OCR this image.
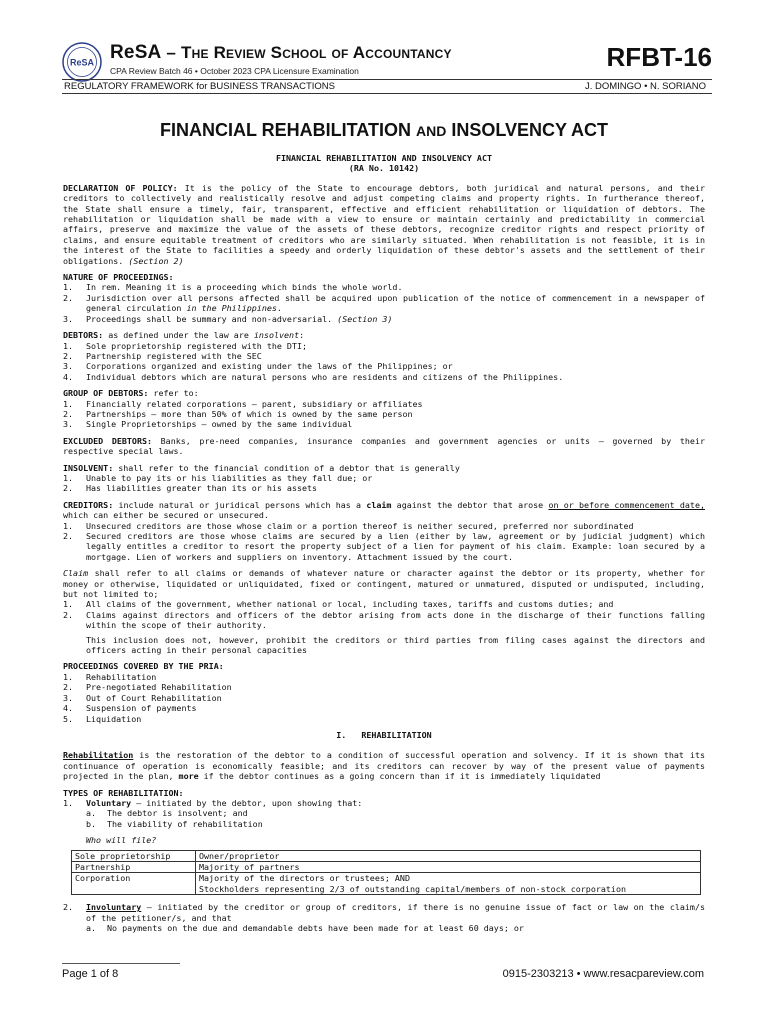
ReSA ReSA – The Review School of Accountancy
CPA Review Batch 46 • October 2023 CPA Licensure Examination	RFBT-16
REGULATORY FRAMEWORK for BUSINESS TRANSACTIONS	J. DOMINGO • N. SORIANO
FINANCIAL REHABILITATION AND INSOLVENCY ACT
FINANCIAL REHABILITATION AND INSOLVENCY ACT
(RA No. 10142)

DECLARATION OF POLICY: It is the policy of the State to encourage debtors, both juridical and natural persons, and their creditors to collectively and realistically resolve and adjust competing claims and property rights. In furtherance thereof, the State shall ensure a timely, fair, transparent, effective and efficient rehabilitation or liquidation of debtors. The rehabilitation or liquidation shall be made with a view to ensure or maintain certainly and predictability in commercial affairs, preserve and maximize the value of the assets of these debtors, recognize creditor rights and respect priority of claims, and ensure equitable treatment of creditors who are similarly situated. When rehabilitation is not feasible, it is in the interest of the State to facilities a speedy and orderly liquidation of these debtor's assets and the settlement of their obligations. (Section 2)

NATURE OF PROCEEDINGS:
1. In rem. Meaning it is a proceeding which binds the whole world.
2. Jurisdiction over all persons affected shall be acquired upon publication of the notice of commencement in a newspaper of general circulation in the Philippines.
3. Proceedings shall be summary and non-adversarial. (Section 3)
DEBTORS: as defined under the law are insolvent:
1. Sole proprietorship registered with the DTI;
2. Partnership registered with the SEC
3. Corporations organized and existing under the laws of the Philippines; or
4. Individual debtors which are natural persons who are residents and citizens of the Philippines.
GROUP OF DEBTORS: refer to:
1. Financially related corporations – parent, subsidiary or affiliates
2. Partnerships – more than 50% of which is owned by the same person
3. Single Proprietorships – owned by the same individual

EXCLUDED DEBTORS: Banks, pre-need companies, insurance companies and government agencies or units – governed by their respective special laws.

INSOLVENT: shall refer to the financial condition of a debtor that is generally
1. Unable to pay its or his liabilities as they fall due; or
2. Has liabilities greater than its or his assets
CREDITORS: include natural or juridical persons which has a claim against the debtor that arose on or before commencement date, which can either be secured or unsecured.
1. Unsecured creditors are those whose claim or a portion thereof is neither secured, preferred nor subordinated
2. Secured creditors are those whose claims are secured by a lien (either by law, agreement or by judicial judgment) which legally entitles a creditor to resort the property subject of a lien for payment of his claim. Example: loan secured by a mortgage. Lien of workers and suppliers on inventory. Attachment issued by the court.
Claim shall refer to all claims or demands of whatever nature or character against the debtor or its property, whether for money or otherwise, liquidated or unliquidated, fixed or contingent, matured or unmatured, disputed or undisputed, including, but not limited to;
1. All claims of the government, whether national or local, including taxes, tariffs and customs duties; and
2. Claims against directors and officers of the debtor arising from acts done in the discharge of their functions falling within the scope of their authority.

This inclusion does not, however, prohibit the creditors or third parties from filing cases against the directors and officers acting in their personal capacities

PROCEEDINGS COVERED BY THE PRIA:
1. Rehabilitation
2. Pre-negotiated Rehabilitation
3. Out of Court Rehabilitation
4. Suspension of payments
5. Liquidation
I.   REHABILITATION

Rehabilitation is the restoration of the debtor to a condition of successful operation and solvency. If it is shown that its continuance of operation is economically feasible; and its creditors can recover by way of the present value of payments projected in the plan, more if the debtor continues as a going concern than if it is immediately liquidated

TYPES OF REHABILITATION:
1. Voluntary – initiated by the debtor, upon showing that:
a. The debtor is insolvent; and
b. The viability of rehabilitation
Who will file?
Sole proprietorship	Owner/proprietor
Partnership	Majority of partners
Corporation	Majority of the directors or trustees; AND
Stockholders representing 2/3 of outstanding capital/members of non-stock corporation
2. Involuntary – initiated by the creditor or group of creditors, if there is no genuine issue of fact or law on the claim/s of the petitioner/s, and that
a. No payments on the due and demandable debts have been made for at least 60 days; or
Page 1 of 8	0915-2303213 • www.resacpareview.com
